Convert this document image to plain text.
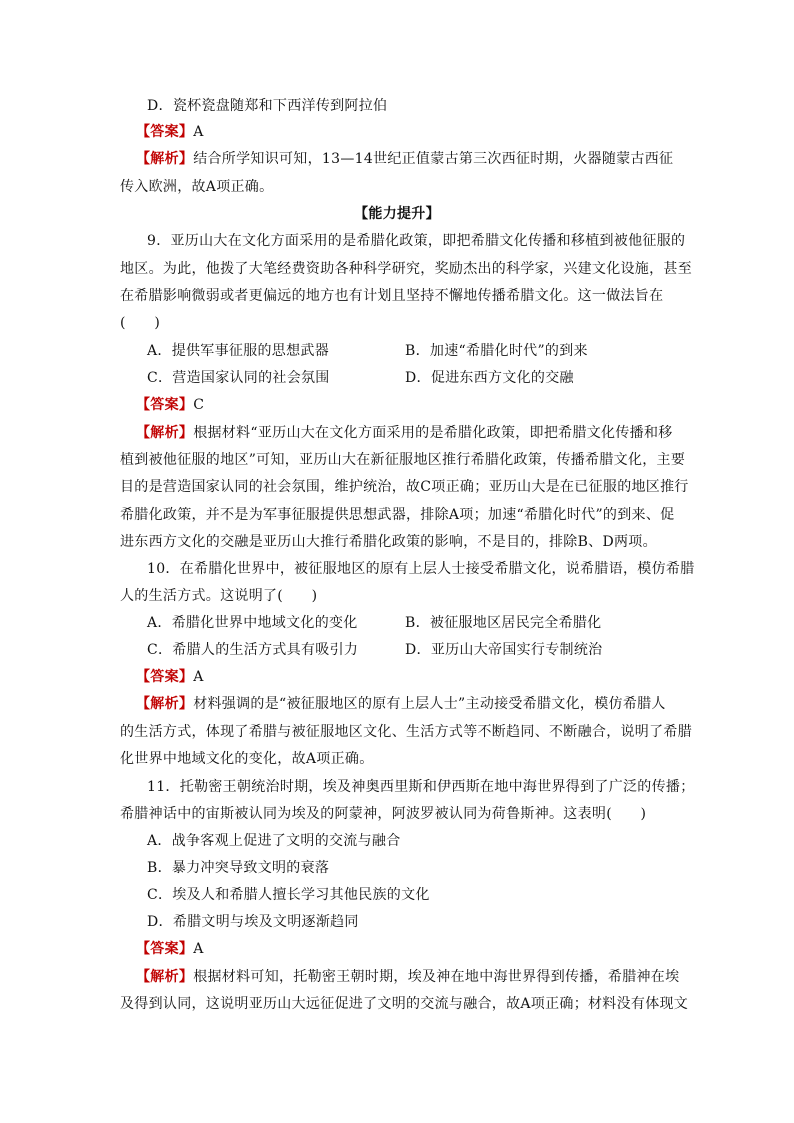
D．瓷杯瓷盘随郑和下西洋传到阿拉伯
【答案】A
【解析】结合所学知识可知，13—14世纪正值蒙古第三次西征时期，火器随蒙古西征
传入欧洲，故A项正确。
【能力提升】
9．亚历山大在文化方面采用的是希腊化政策，即把希腊文化传播和移植到被他征服的
地区。为此，他拨了大笔经费资助各种科学研究，奖励杰出的科学家，兴建文化设施，甚至
在希腊影响微弱或者更偏远的地方也有计划且坚持不懈地传播希腊文化。这一做法旨在
(　　)
A．提供军事征服的思想武器	B．加速“希腊化时代”的到来
C．营造国家认同的社会氛围	D．促进东西方文化的交融
【答案】C
【解析】根据材料“亚历山大在文化方面采用的是希腊化政策，即把希腊文化传播和移
植到被他征服的地区”可知，亚历山大在新征服地区推行希腊化政策，传播希腊文化，主要
目的是营造国家认同的社会氛围，维护统治，故C项正确；亚历山大是在已征服的地区推行
希腊化政策，并不是为军事征服提供思想武器，排除A项；加速“希腊化时代”的到来、促
进东西方文化的交融是亚历山大推行希腊化政策的影响，不是目的，排除B、D两项。
10．在希腊化世界中，被征服地区的原有上层人士接受希腊文化，说希腊语，模仿希腊
人的生活方式。这说明了(　　)
A．希腊化世界中地域文化的变化	B．被征服地区居民完全希腊化
C．希腊人的生活方式具有吸引力	D．亚历山大帝国实行专制统治
【答案】A
【解析】材料强调的是“被征服地区的原有上层人士”主动接受希腊文化，模仿希腊人
的生活方式，体现了希腊与被征服地区文化、生活方式等不断趋同、不断融合，说明了希腊
化世界中地域文化的变化，故A项正确。
11．托勒密王朝统治时期，埃及神奥西里斯和伊西斯在地中海世界得到了广泛的传播；
希腊神话中的宙斯被认同为埃及的阿蒙神，阿波罗被认同为荷鲁斯神。这表明(　　)
A．战争客观上促进了文明的交流与融合
B．暴力冲突导致文明的衰落
C．埃及人和希腊人擅长学习其他民族的文化
D．希腊文明与埃及文明逐渐趋同
【答案】A
【解析】根据材料可知，托勒密王朝时期，埃及神在地中海世界得到传播，希腊神在埃
及得到认同，这说明亚历山大远征促进了文明的交流与融合，故A项正确；材料没有体现文
